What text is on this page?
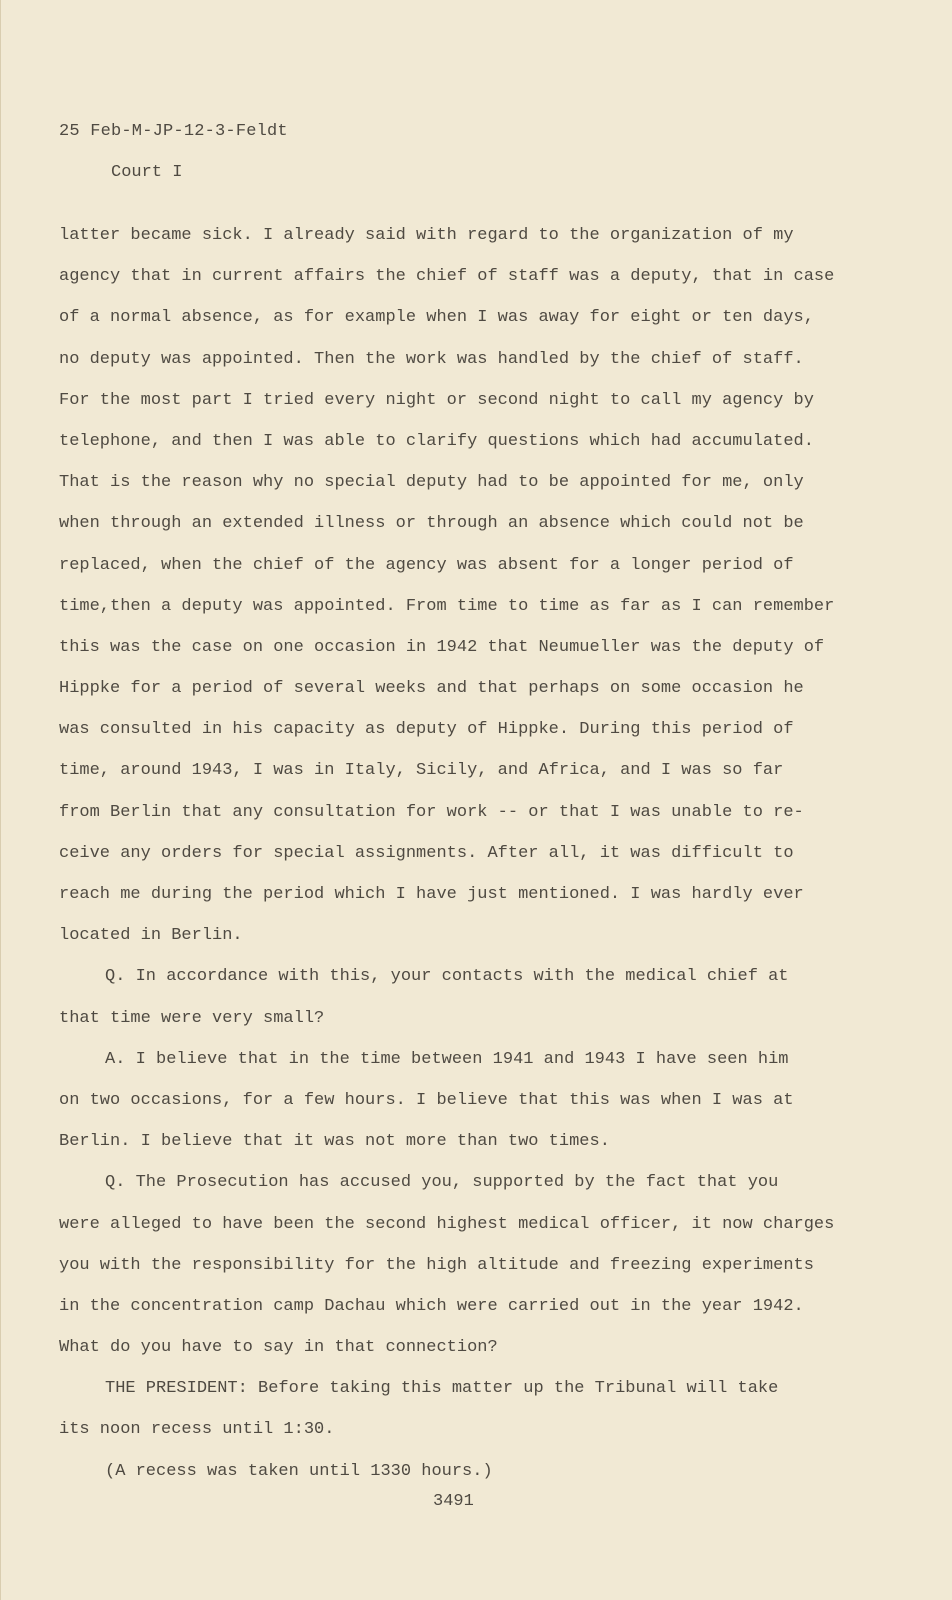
25 Feb-M-JP-12-3-Feldt
Court I
latter became sick. I already said with regard to the organization of my
agency that in current affairs the chief of staff was a deputy, that in case
of a normal absence, as for example when I was away for eight or ten days,
no deputy was appointed. Then the work was handled by the chief of staff.
For the most part I tried every night or second night to call my agency by
telephone, and then I was able to clarify questions which had accumulated.
That is the reason why no special deputy had to be appointed for me, only
when through an extended illness or through an absence which could not be
replaced, when the chief of the agency was absent for a longer period of
time,then a deputy was appointed. From time to time as far as I can remember
this was the case on one occasion in 1942 that Neumueller was the deputy of
Hippke for a period of several weeks and that perhaps on some occasion he
was consulted in his capacity as deputy of Hippke. During this period of
time, around 1943, I was in Italy, Sicily, and Africa, and I was so far
from Berlin that any consultation for work -- or that I was unable to re-
ceive any orders for special assignments. After all, it was difficult to
reach me during the period which I have just mentioned. I was hardly ever
located in Berlin.
Q. In accordance with this, your contacts with the medical chief at
that time were very small?
A. I believe that in the time between 1941 and 1943 I have seen him
on two occasions, for a few hours. I believe that this was when I was at
Berlin. I believe that it was not more than two times.
Q. The Prosecution has accused you, supported by the fact that you
were alleged to have been the second highest medical officer, it now charges
you with the responsibility for the high altitude and freezing experiments
in the concentration camp Dachau which were carried out in the year 1942.
What do you have to say in that connection?
THE PRESIDENT: Before taking this matter up the Tribunal will take
its noon recess until 1:30.
(A recess was taken until 1330 hours.)
3491
